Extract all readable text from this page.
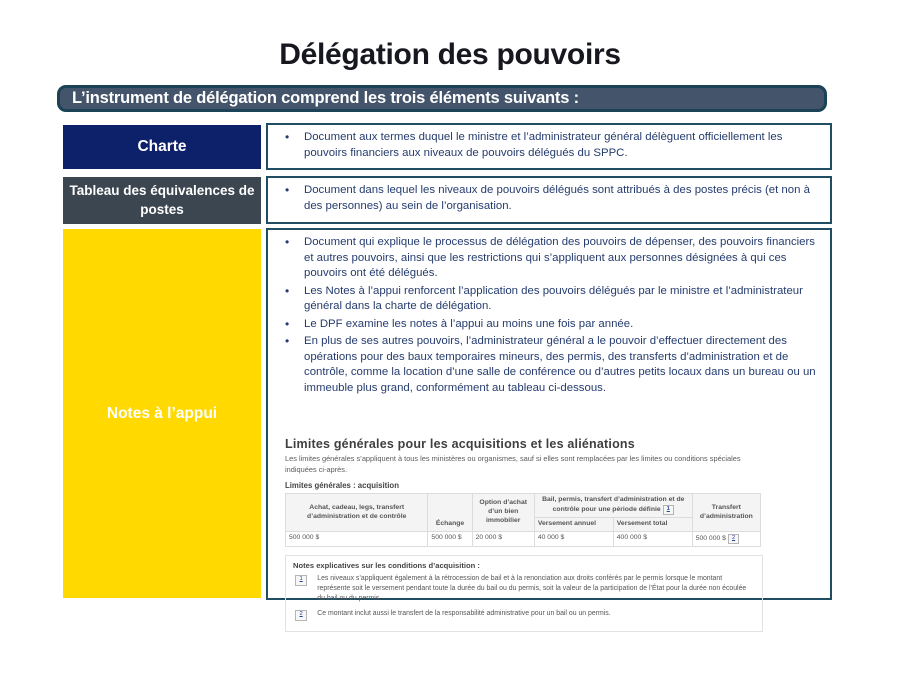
Délégation des pouvoirs
L’instrument de délégation comprend les trois éléments suivants :
Charte
• Document aux termes duquel le ministre et l’administrateur général délèguent officiellement les pouvoirs financiers aux niveaux de pouvoirs délégués du SPPC.
Tableau des équivalences de postes
• Document dans lequel les niveaux de pouvoirs délégués sont attribués à des postes précis (et non à des personnes) au sein de l’organisation.
Notes à l’appui
• Document qui explique le processus de délégation des pouvoirs de dépenser, des pouvoirs financiers et autres pouvoirs, ainsi que les restrictions qui s’appliquent aux personnes désignées à qui ces pouvoirs ont été délégués.
• Les Notes à l’appui renforcent l’application des pouvoirs délégués par le ministre et l’administrateur général dans la charte de délégation.
• Le DPF examine les notes à l’appui au moins une fois par année.
• En plus de ses autres pouvoirs, l’administrateur général a le pouvoir d’effectuer directement des opérations pour des baux temporaires mineurs, des permis, des transferts d’administration et de contrôle, comme la location d’une salle de conférence ou d’autres petits locaux dans un bureau ou un immeuble plus grand, conformément au tableau ci-dessous.
Limites générales pour les acquisitions et les aliénations
Les limites générales s’appliquent à tous les ministères ou organismes, sauf si elles sont remplacées par les limites ou conditions spéciales indiquées ci-après.
Limites générales : acquisition
Achat, cadeau, legs, transfert d’administration et de contrôle	Échange	Option d’achat d’un bien immobilier	Bail, permis, transfert d’administration et de contrôle pour une période définie 1		Transfert d’administration
			Versement annuel	Versement total	
500 000 $	500 000 $	20 000 $	40 000 $	400 000 $	500 000 $ 2
Notes explicatives sur les conditions d’acquisition :
1	Les niveaux s’appliquent également à la rétrocession de bail et à la renonciation aux droits conférés par le permis lorsque le montant représente soit le versement pendant toute la durée du bail ou du permis, soit la valeur de la participation de l’État pour la durée non écoulée du bail ou du permis.
2	Ce montant inclut aussi le transfert de la responsabilité administrative pour un bail ou un permis.
